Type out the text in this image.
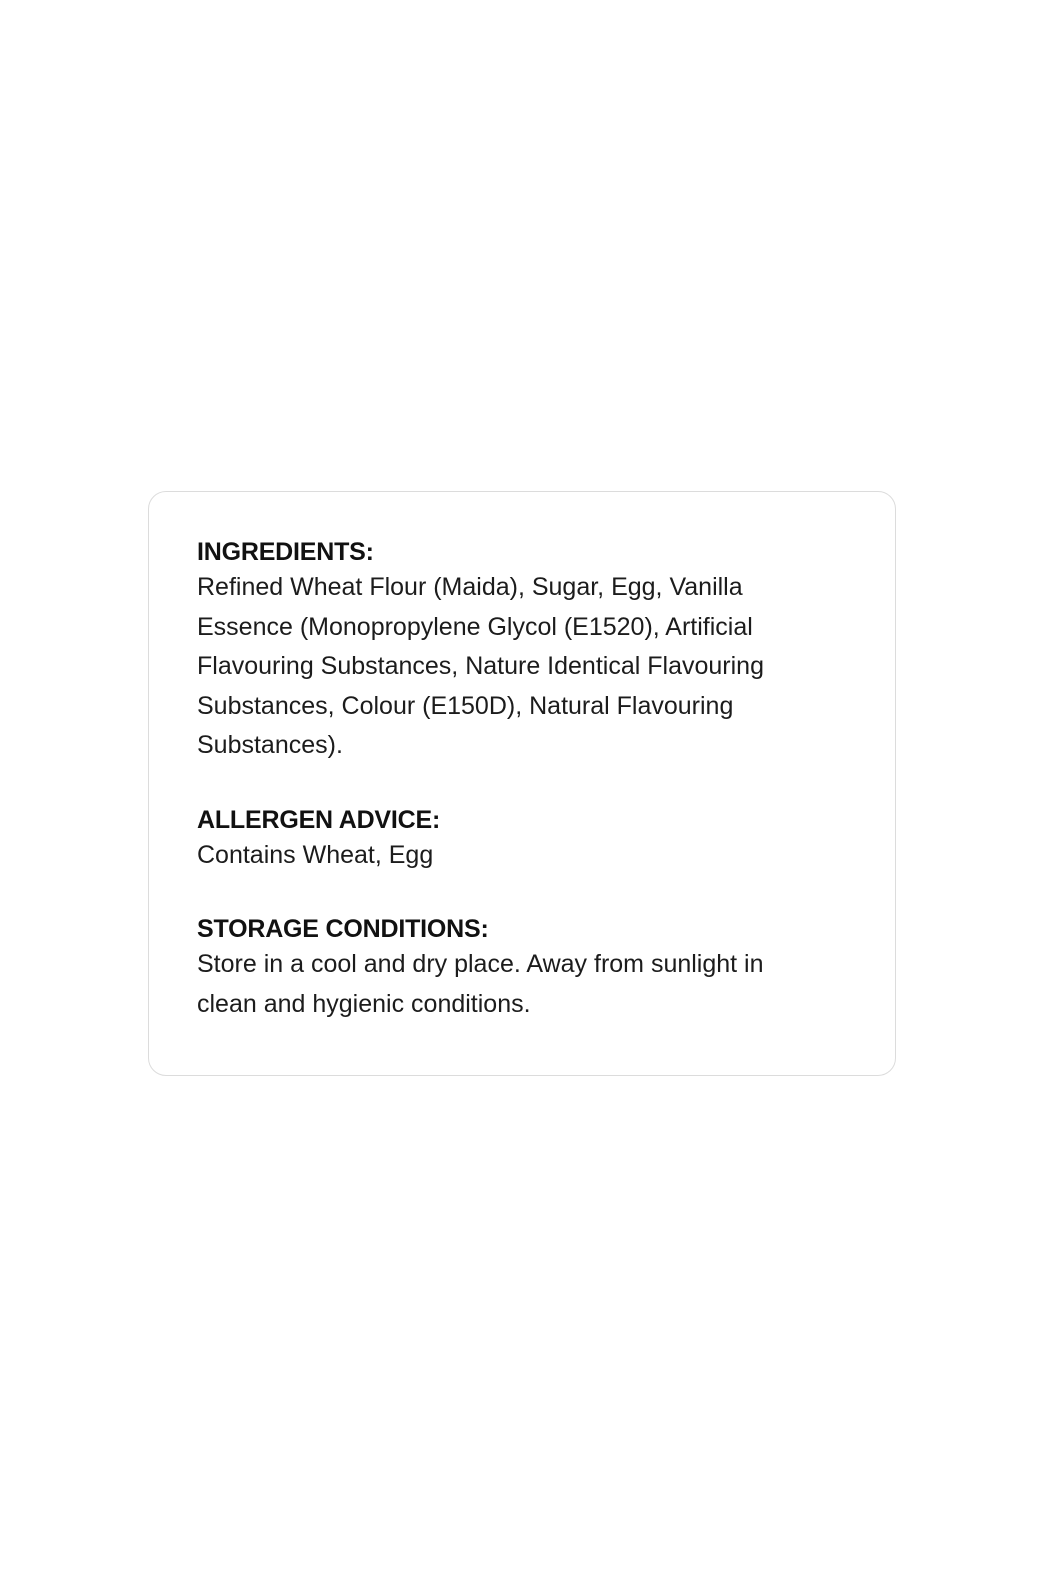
INGREDIENTS:

Refined Wheat Flour (Maida), Sugar, Egg, Vanilla Essence (Monopropylene Glycol (E1520), Artificial Flavouring Substances, Nature Identical Flavouring Substances, Colour (E150D), Natural Flavouring Substances).

ALLERGEN ADVICE:

Contains Wheat, Egg

STORAGE CONDITIONS:

Store in a cool and dry place. Away from sunlight in clean and hygienic conditions.
